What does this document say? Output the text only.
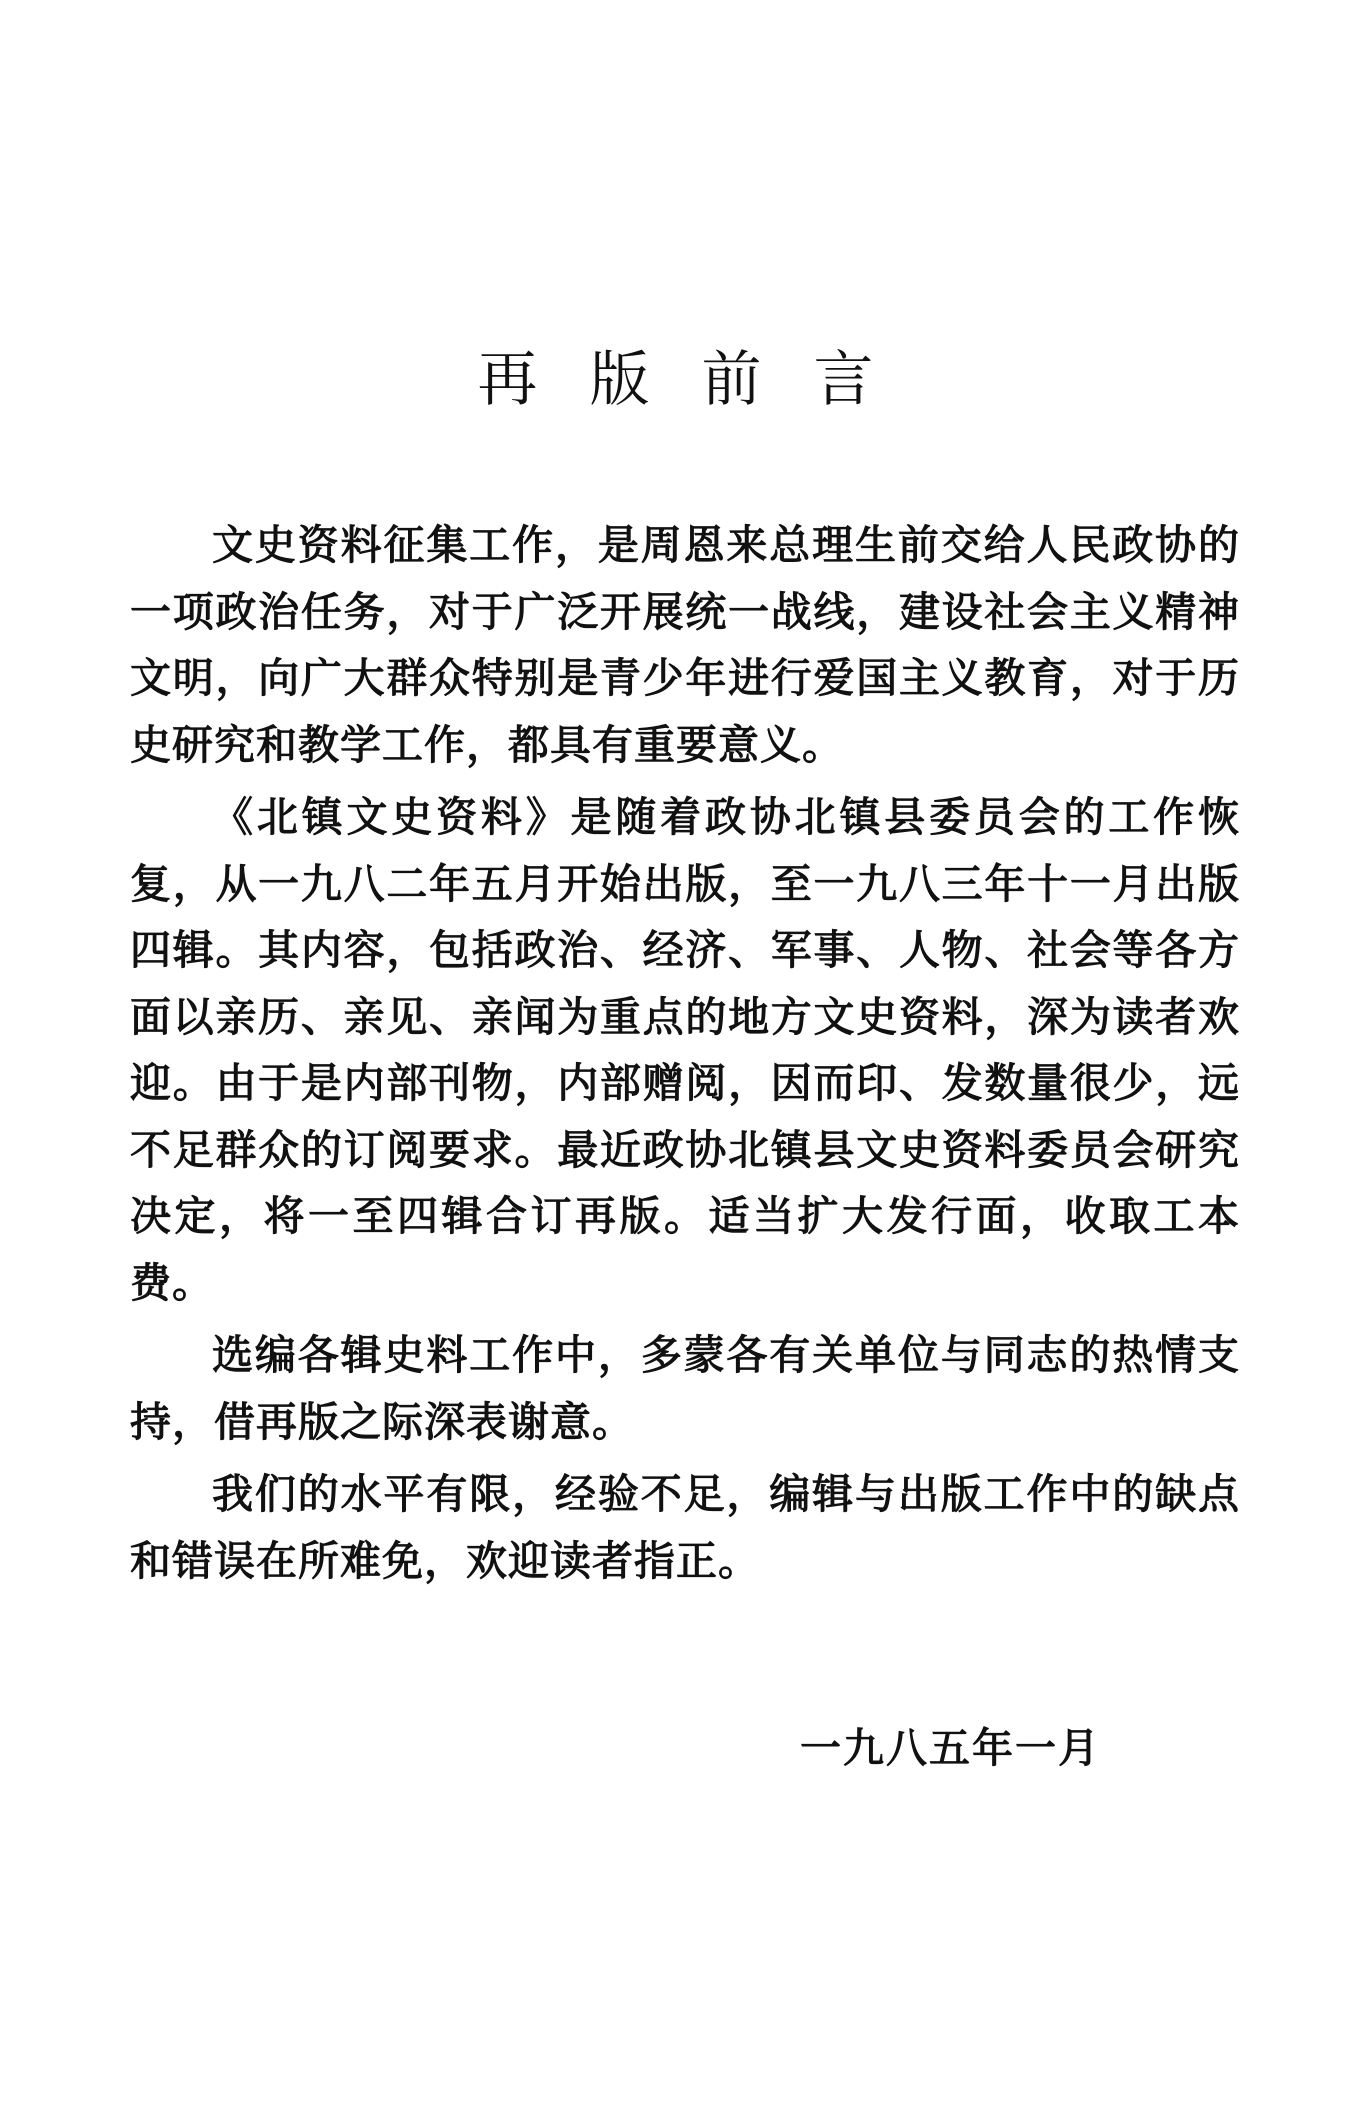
再版前言

文史资料征集工作，是周恩来总理生前交给人民政协的一项政治任务，对于广泛开展统一战线，建设社会主义精神文明，向广大群众特别是青少年进行爱国主义教育，对于历史研究和教学工作，都具有重要意义。

《北镇文史资料》是随着政协北镇县委员会的工作恢复，从一九八二年五月开始出版，至一九八三年十一月出版四辑。其内容，包括政治、经济、军事、人物、社会等各方面以亲历、亲见、亲闻为重点的地方文史资料，深为读者欢迎。由于是内部刊物，内部赠阅，因而印、发数量很少，远不足群众的订阅要求。最近政协北镇县文史资料委员会研究决定，将一至四辑合订再版。适当扩大发行面，收取工本费。

选编各辑史料工作中，多蒙各有关单位与同志的热情支持，借再版之际深表谢意。

我们的水平有限，经验不足，编辑与出版工作中的缺点和错误在所难免，欢迎读者指正。

一九八五年一月
